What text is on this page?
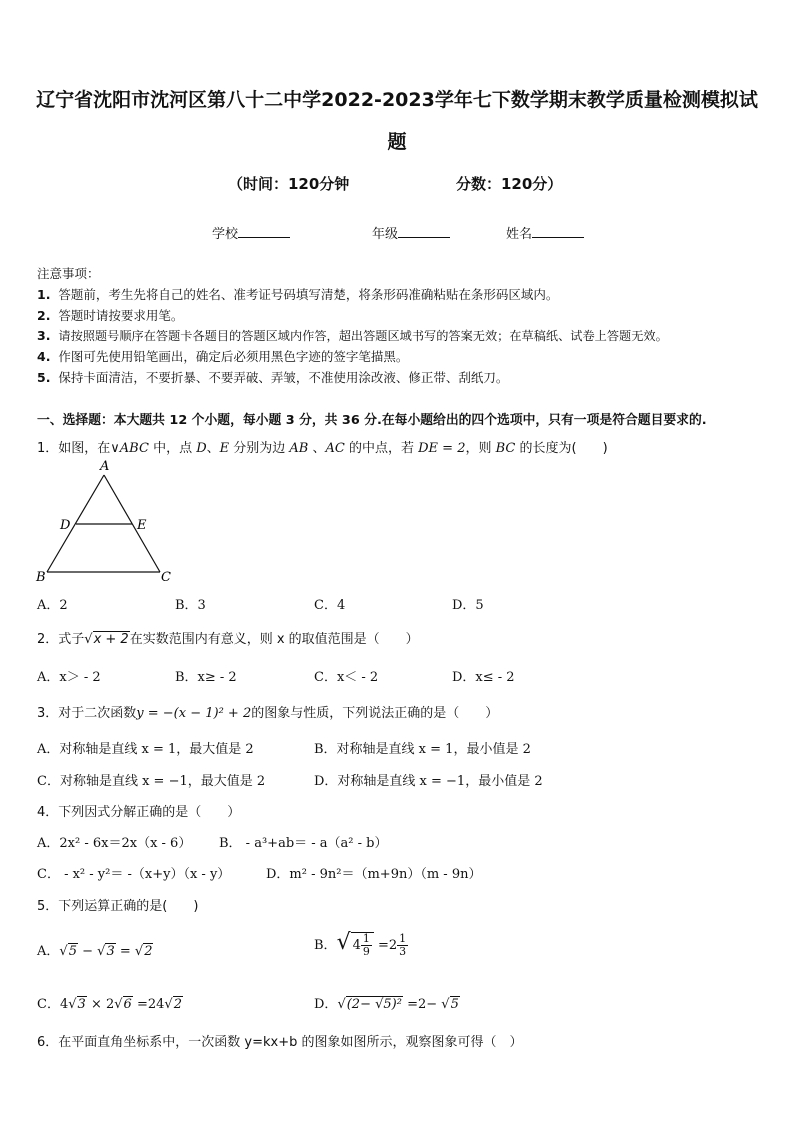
辽宁省沈阳市沈河区第八十二中学2022-2023学年七下数学期末教学质量检测模拟试
题
（时间：120分钟	分数：120分）
学校	年级	姓名
注意事项：
1. 答题前，考生先将自己的姓名、准考证号码填写清楚，将条形码准确粘贴在条形码区域内。
2. 答题时请按要求用笔。
3. 请按照题号顺序在答题卡各题目的答题区域内作答，超出答题区域书写的答案无效；在草稿纸、试卷上答题无效。
4. 作图可先使用铅笔画出，确定后必须用黑色字迹的签字笔描黑。
5. 保持卡面清洁，不要折暴、不要弄破、弄皱，不准使用涂改液、修正带、刮纸刀。
一、选择题：本大题共 12 个小题，每小题 3 分，共 36 分.在每小题给出的四个选项中，只有一项是符合题目要求的.
1．如图，在∨ABC 中，点 D、E 分别为边 AB 、AC 的中点，若 DE = 2，则 BC 的长度为(　　)
A
D	E
B	C
A．2	B．3	C．4	D．5
2．式子√x + 2在实数范围内有意义，则 x 的取值范围是（　　）
A．x＞ - 2	B．x≥ - 2	C．x＜ - 2	D．x≤ - 2
3．对于二次函数y = −(x − 1)² + 2的图象与性质，下列说法正确的是（　　）
A．对称轴是直线 x = 1，最大值是 2	B．对称轴是直线 x = 1，最小值是 2
C．对称轴是直线 x = −1，最大值是 2	D．对称轴是直线 x = −1，最小值是 2
4．下列因式分解正确的是（　　）
A．2x² - 6x＝2x（x - 6） B． - a³+ab＝ - a（a² - b）
C． - x² - y²＝ -（x+y）（x - y）	D．m² - 9n²＝（m+9n）（m - 9n）
5．下列运算正确的是(　　)
A．√5 − √3 = √2	B．√ $4 \frac{1}{9} =2 \frac{1}{3}$
C．4√3 × 2√6 =24√2	D．√(2− √5)² =2− √5
6．在平面直角坐标系中，一次函数 y=kx+b 的图象如图所示，观察图象可得（　）
